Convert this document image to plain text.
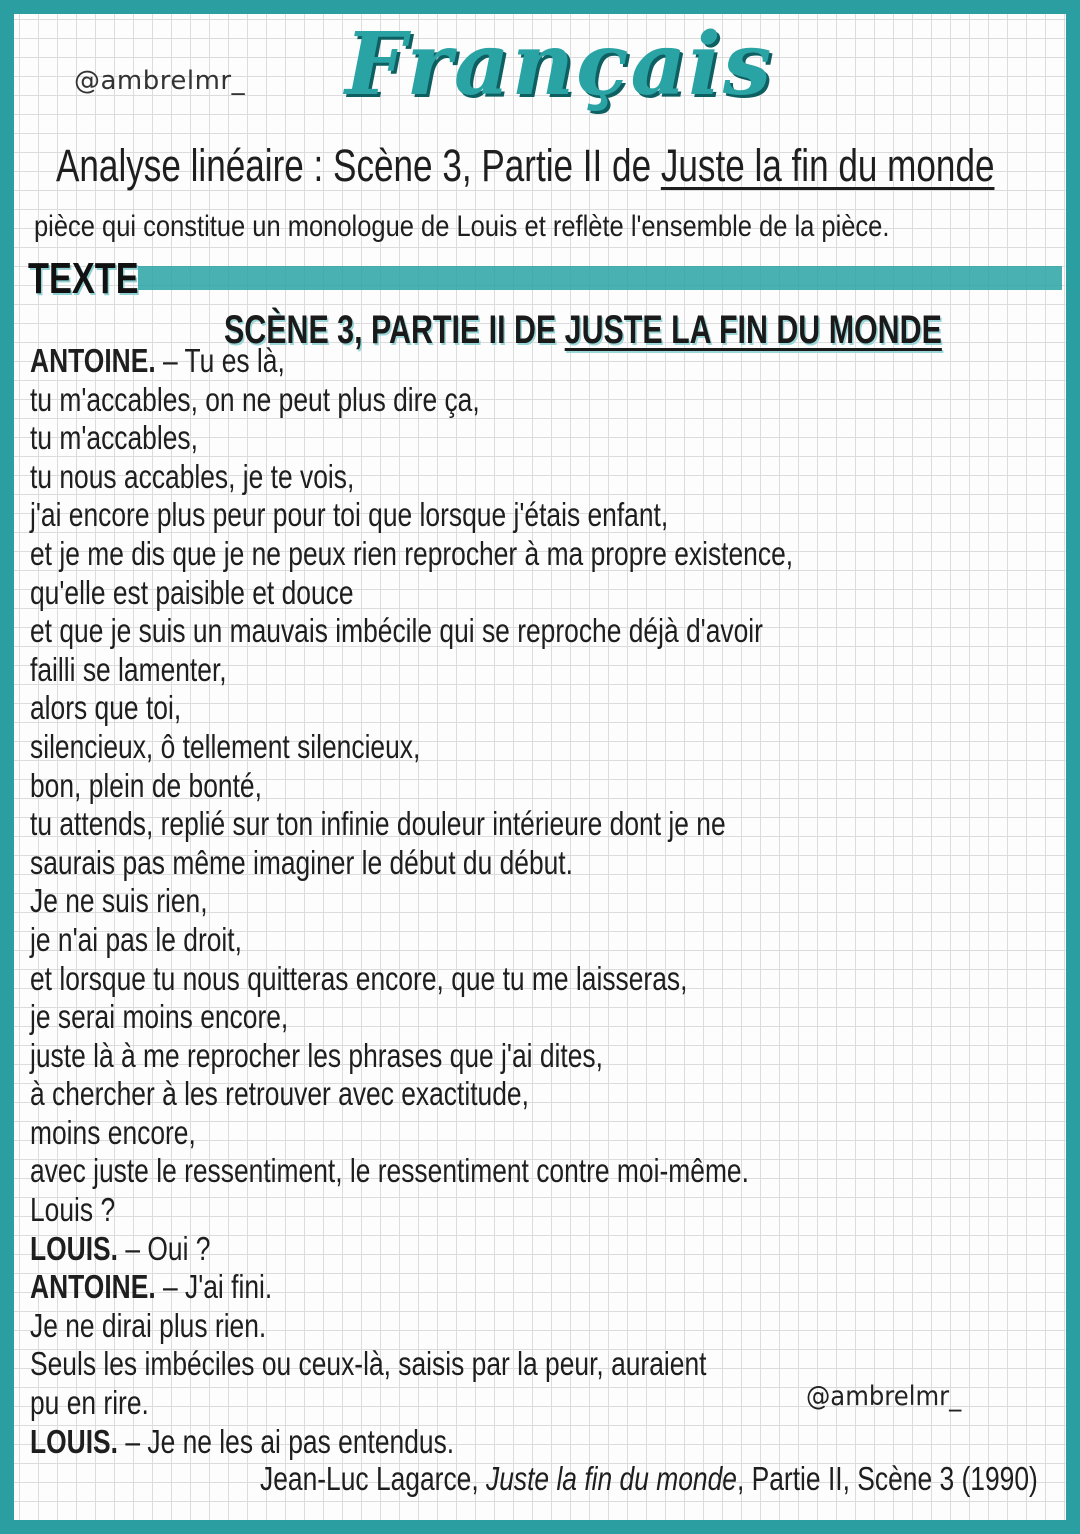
@ambrelmr_ Français
Analyse linéaire : Scène 3, Partie II de Juste la fin du monde
pièce qui constitue un monologue de Louis et reflète l'ensemble de la pièce.
TEXTE
SCÈNE 3, PARTIE II DE JUSTE LA FIN DU MONDE
ANTOINE. – Tu es là,
tu m'accables, on ne peut plus dire ça,
tu m'accables,
tu nous accables, je te vois,
j'ai encore plus peur pour toi que lorsque j'étais enfant,
et je me dis que je ne peux rien reprocher à ma propre existence,
qu'elle est paisible et douce
et que je suis un mauvais imbécile qui se reproche déjà d'avoir
failli se lamenter,
alors que toi,
silencieux, ô tellement silencieux,
bon, plein de bonté,
tu attends, replié sur ton infinie douleur intérieure dont je ne
saurais pas même imaginer le début du début.
Je ne suis rien,
je n'ai pas le droit,
et lorsque tu nous quitteras encore, que tu me laisseras,
je serai moins encore,
juste là à me reprocher les phrases que j'ai dites,
à chercher à les retrouver avec exactitude,
moins encore,
avec juste le ressentiment, le ressentiment contre moi-même.
Louis ?
LOUIS. – Oui ?
ANTOINE. – J'ai fini.
Je ne dirai plus rien.
Seuls les imbéciles ou ceux-là, saisis par la peur, auraient
pu en rire.
LOUIS. – Je ne les ai pas entendus.
@ambrelmr_
Jean-Luc Lagarce, Juste la fin du monde, Partie II, Scène 3 (1990)
